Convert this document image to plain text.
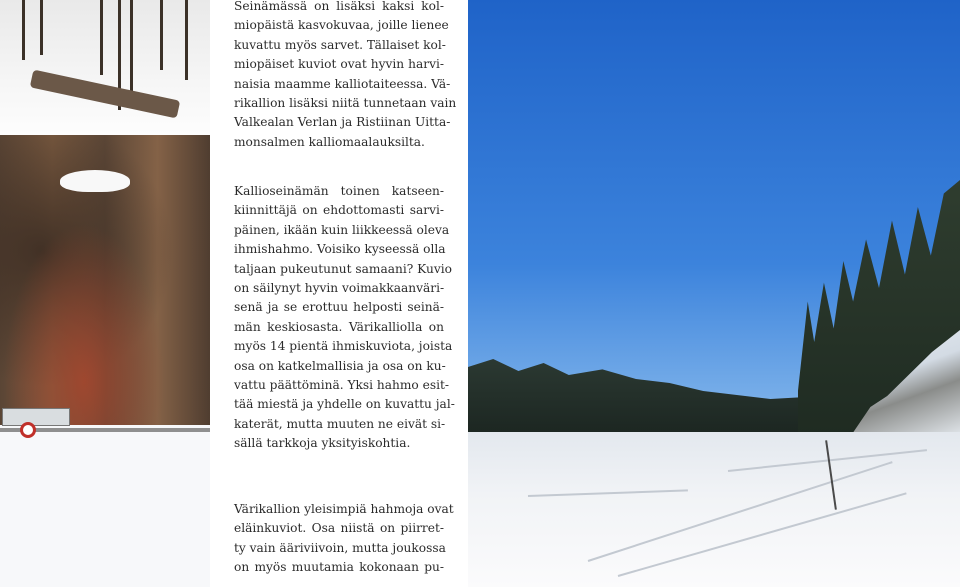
Seinämässä on lisäksi kaksi kol-
miopäistä kasvokuvaa, joille lienee
kuvattu myös sarvet. Tällaiset kol-
miopäiset kuviot ovat hyvin harvi-
naisia maamme kalliotaiteessa. Vä-
rikallion lisäksi niitä tunnetaan vain
Valkealan Verlan ja Ristiinan Uitta-
monsalmen kalliomaalauksilta.

Kallioseinämän toinen katseen-
kiinnittäjä on ehdottomasti sarvi-
päinen, ikään kuin liikkeessä oleva
ihmishahmo. Voisiko kyseessä olla
taljaan pukeutunut samaani? Kuvio
on säilynyt hyvin voimakkaanväri-
senä ja se erottuu helposti seinä-
män keskiosasta. Värikalliolla on
myös 14 pientä ihmiskuviota, joista
osa on katkelmallisia ja osa on ku-
vattu päättöminä. Yksi hahmo esit-
tää miestä ja yhdelle on kuvattu jal-
katerät, mutta muuten ne eivät si-
sällä tarkkoja yksityiskohtia.

Värikallion yleisimpiä hahmoja ovat
eläinkuviot. Osa niistä on piirret-
ty vain ääriviivoin, mutta joukossa
on myös muutamia kokonaan pu-
